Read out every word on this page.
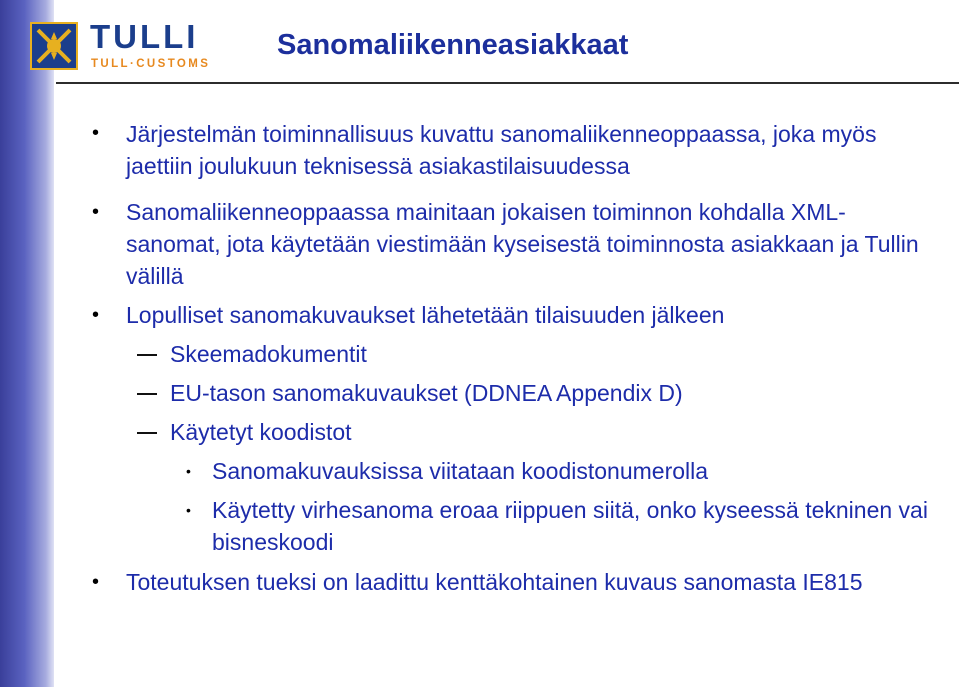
TULLI
TULL·CUSTOMS
Sanomaliikenneasiakkaat
• Järjestelmän toiminnallisuus kuvattu sanomaliikenneoppaassa, joka myös jaettiin joulukuun teknisessä asiakastilaisuudessa
• Sanomaliikenneoppaassa mainitaan jokaisen toiminnon kohdalla XML-sanomat, jota käytetään viestimään kyseisestä toiminnosta asiakkaan ja Tullin välillä
• Lopulliset sanomakuvaukset lähetetään tilaisuuden jälkeen
Skeemadokumentit
EU-tason sanomakuvaukset (DDNEA Appendix D)
Käytetyt koodistot
• Sanomakuvauksissa viitataan koodistonumerolla
• Käytetty virhesanoma eroaa riippuen siitä, onko kyseessä tekninen vai bisneskoodi
• Toteutuksen tueksi on laadittu kenttäkohtainen kuvaus sanomasta IE815
